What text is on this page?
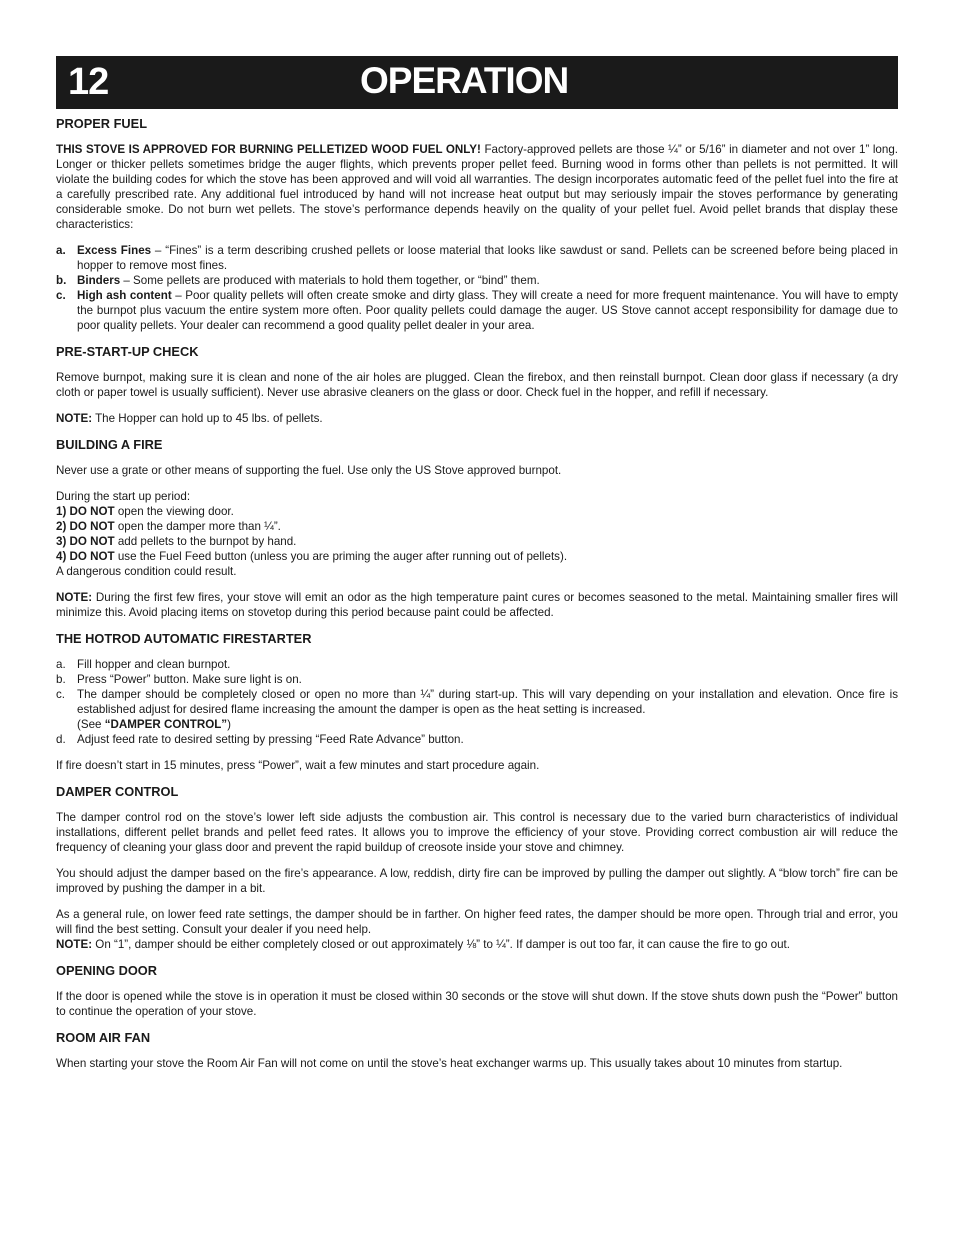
12	OPERATION
PROPER FUEL

THIS STOVE IS APPROVED FOR BURNING PELLETIZED WOOD FUEL ONLY! Factory-approved pellets are those ¼” or 5/16” in diameter and not over 1” long. Longer or thicker pellets sometimes bridge the auger flights, which prevents proper pellet feed. Burning wood in forms other than pellets is not permitted. It will violate the building codes for which the stove has been approved and will void all warranties. The design incorporates automatic feed of the pellet fuel into the fire at a carefully prescribed rate. Any additional fuel introduced by hand will not increase heat output but may seriously impair the stoves performance by generating considerable smoke. Do not burn wet pellets. The stove’s performance depends heavily on the quality of your pellet fuel. Avoid pellet brands that display these characteristics:

a. Excess Fines – “Fines” is a term describing crushed pellets or loose material that looks like sawdust or sand. Pellets can be screened before being placed in hopper to remove most fines.
b. Binders – Some pellets are produced with materials to hold them together, or “bind” them.
c. High ash content – Poor quality pellets will often create smoke and dirty glass. They will create a need for more frequent maintenance. You will have to empty the burnpot plus vacuum the entire system more often. Poor quality pellets could damage the auger. US Stove cannot accept responsibility for damage due to poor quality pellets. Your dealer can recommend a good quality pellet dealer in your area.
PRE-START-UP CHECK

Remove burnpot, making sure it is clean and none of the air holes are plugged. Clean the firebox, and then reinstall burnpot. Clean door glass if necessary (a dry cloth or paper towel is usually sufficient). Never use abrasive cleaners on the glass or door. Check fuel in the hopper, and refill if necessary.

NOTE: The Hopper can hold up to 45 lbs. of pellets.

BUILDING A FIRE

Never use a grate or other means of supporting the fuel. Use only the US Stove approved burnpot.

During the start up period:
1) DO NOT open the viewing door.
2) DO NOT open the damper more than ¼”.
3) DO NOT add pellets to the burnpot by hand.
4) DO NOT use the Fuel Feed button (unless you are priming the auger after running out of pellets).
A dangerous condition could result.

NOTE: During the first few fires, your stove will emit an odor as the high temperature paint cures or becomes seasoned to the metal. Maintaining smaller fires will minimize this. Avoid placing items on stovetop during this period because paint could be affected.

THE HOTROD AUTOMATIC FIRESTARTER
a. Fill hopper and clean burnpot.
b. Press “Power” button. Make sure light is on.
c. The damper should be completely closed or open no more than ¼” during start-up. This will vary depending on your installation and elevation. Once fire is established adjust for desired flame increasing the amount the damper is open as the heat setting is increased.
(See “DAMPER CONTROL”)
d. Adjust feed rate to desired setting by pressing “Feed Rate Advance” button.

If fire doesn’t start in 15 minutes, press “Power”, wait a few minutes and start procedure again.

DAMPER CONTROL

The damper control rod on the stove’s lower left side adjusts the combustion air. This control is necessary due to the varied burn characteristics of individual installations, different pellet brands and pellet feed rates. It allows you to improve the efficiency of your stove. Providing correct combustion air will reduce the frequency of cleaning your glass door and prevent the rapid buildup of creosote inside your stove and chimney.

You should adjust the damper based on the fire’s appearance. A low, reddish, dirty fire can be improved by pulling the damper out slightly. A “blow torch” fire can be improved by pushing the damper in a bit.

As a general rule, on lower feed rate settings, the damper should be in farther. On higher feed rates, the damper should be more open. Through trial and error, you will find the best setting. Consult your dealer if you need help.
NOTE: On “1”, damper should be either completely closed or out approximately ⅛” to ¼”. If damper is out too far, it can cause the fire to go out.

OPENING DOOR

If the door is opened while the stove is in operation it must be closed within 30 seconds or the stove will shut down. If the stove shuts down push the “Power” button to continue the operation of your stove.

ROOM AIR FAN

When starting your stove the Room Air Fan will not come on until the stove’s heat exchanger warms up. This usually takes about 10 minutes from startup.
